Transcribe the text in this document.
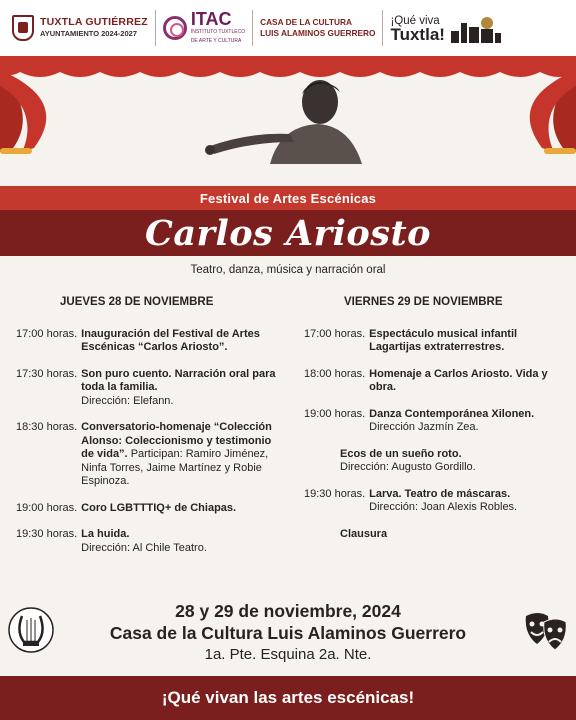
TUXTLA GUTIÉRREZ
AYUNTAMIENTO 2024-2027
ITAC
INSTITUTO TUXTLECO
DE ARTE Y CULTURA
CASA DE LA CULTURA
LUIS ALAMINOS GUERRERO
¡Qué viva
Tuxtla!
Festival de Artes Escénicas
Carlos Ariosto
Teatro, danza, música y narración oral
JUEVES 28 DE NOVIEMBRE
17:00 horas. Inauguración del Festival de Artes Escénicas “Carlos Ariosto”.
17:30 horas. Son puro cuento. Narración oral para toda la familia.
Dirección: Elefann.
18:30 horas. Conversatorio-homenaje “Colección Alonso: Coleccionismo y testimonio de vida”. Participan: Ramiro Jiménez, Ninfa Torres, Jaime Martínez y Robie Espinoza.
19:00 horas. Coro LGBTTTIQ+ de Chiapas.
19:30 horas. La huida.
Dirección: Al Chile Teatro.
VIERNES 29 DE NOVIEMBRE
17:00 horas. Espectáculo musical infantil Lagartijas extraterrestres.
18:00 horas. Homenaje a Carlos Ariosto. Vida y obra.
19:00 horas. Danza Contemporánea Xilonen. Dirección Jazmín Zea.
Ecos de un sueño roto.
Dirección: Augusto Gordillo.
19:30 horas. Larva. Teatro de máscaras.
Dirección: Joan Alexis Robles.
Clausura
28 y 29 de noviembre, 2024
Casa de la Cultura Luis Alaminos Guerrero
1a. Pte. Esquina 2a. Nte.
¡Qué vivan las artes escénicas!
